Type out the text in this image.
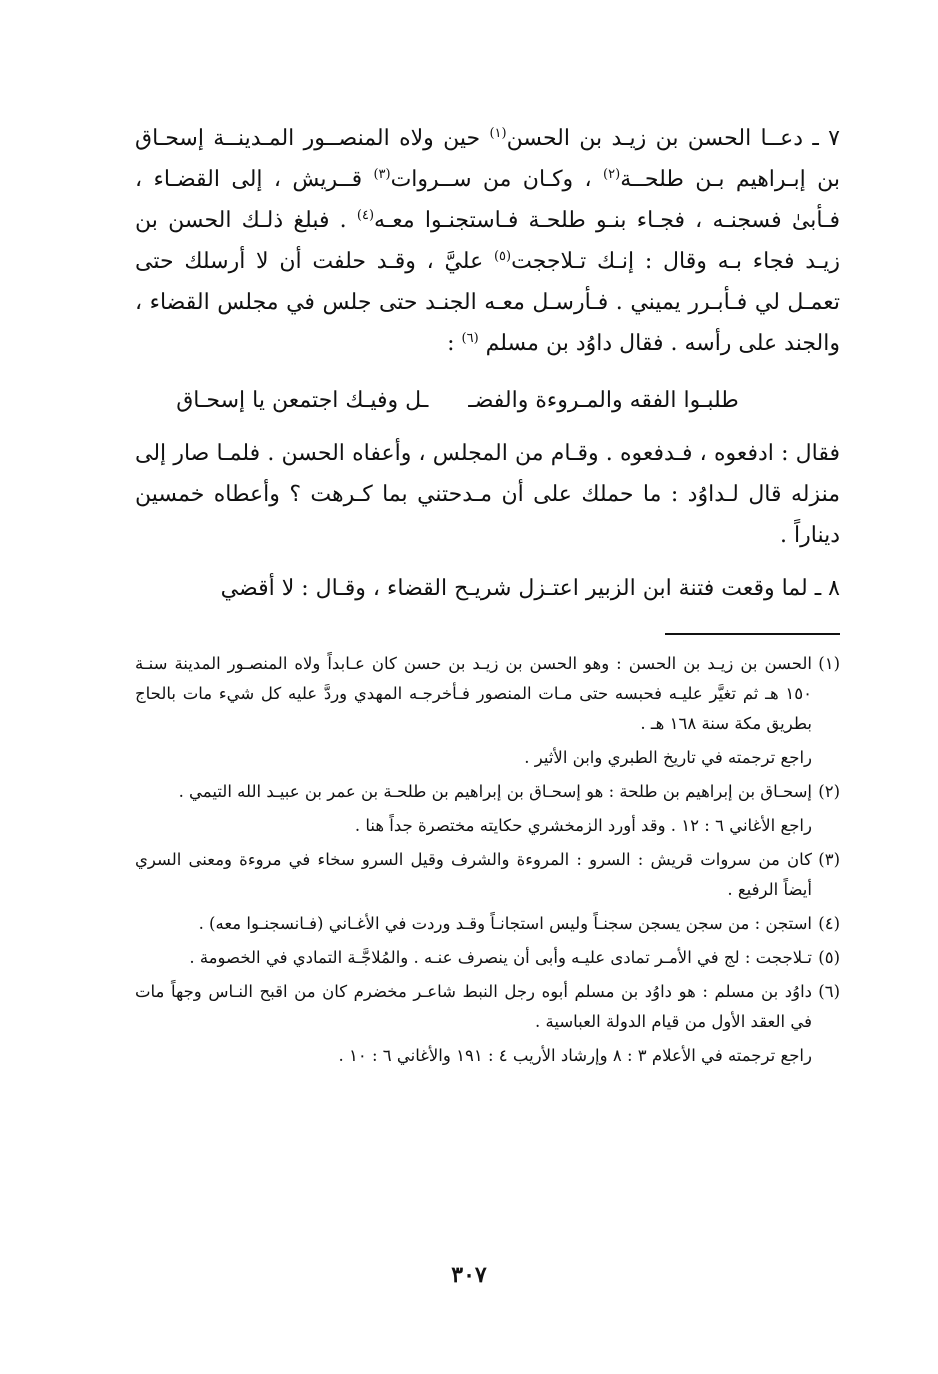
٧ ـ دعــا الحسن بن زيـد بن الحسن$^{(١)}$ حين ولاه المنصــور المـدينــة إسحـاق بن إبـراهيم بـن طلحــة$^{(٢)}$ ، وكـان من ســروات$^{(٣)}$ قــريش ، إلى القضـاء ، فـأبىٰ فسجنـه ، فجـاء بنـو طلحـة فـاستجنـوا معـه$^{(٤)}$ . فبلغ ذلـك الحسن بن زيـد فجاء بـه وقال : إنـك تـلاججت$^{(٥)}$ عليَّ ، وقـد حلفت أن لا أرسلك حتى تعمـل لي فـأبـرر يميني . فـأرسـل معـه الجنـد حتى جلس في مجلس القضاء ، والجند على رأسه . فقال داوُد بن مسلم $^{(٦)}$ :

طلبـوا الفقه والمـروءة والفضـ
ـل وفيـك اجتمعن يا إسحـاق

فقال : ادفعوه ، فـدفعوه . وقـام من المجلس ، وأعفاه الحسن . فلمـا صار إلى منزله قال لـداوُد : ما حملك على أن مـدحتني بما كـرهت ؟ وأعطاه خمسين ديناراً .

٨ ـ لما وقعت فتنة ابن الزبير اعتـزل شريـح القضاء ، وقـال : لا أقضي

(١)الحسن بن زيـد بن الحسن : وهو الحسن بن زيـد بن حسن كان عـابداً ولاه المنصـور المدينة سنـة ١٥٠ هـ ثم تغيَّر عليـه فحبسه حتى مـات المنصور فـأخرجـه المهدي وردَّ عليه كل شيء مات بالحاج بطريق مكة سنة ١٦٨ هـ .

راجع ترجمته في تاريخ الطبري وابن الأثير .

(٢)إسحـاق بن إبراهيم بن طلحة : هو إسحـاق بن إبراهيم بن طلحـة بن عمر بن عبيـد الله التيمي .

راجع الأغاني ٦ : ١٢ . وقد أورد الزمخشري حكايته مختصرة جداً هنا .

(٣)كان من سروات قريش : السرو : المروءة والشرف وقيل السرو سخاء في مروءة ومعنى السري أيضاً الرفيع .

(٤)استجن : من سجن يسجن سجنـاً وليس استجانـاً وقـد وردت في الأغـاني (فـانسجنـوا معه) .

(٥)تـلاججت : لج في الأمـر تمادى عليـه وأبى أن ينصرف عنـه . والمُلاجَّـة التمادي في الخصومة .

(٦)داوُد بن مسلم : هو داوُد بن مسلم أبوه رجل النبط شاعـر مخضرم كان من اقبح النـاس وجهاً مات في العقد الأول من قيام الدولة العباسية .

راجع ترجمته في الأعلام ٣ : ٨ وإرشاد الأريب ٤ : ١٩١ والأغاني ٦ : ١٠ .

٣٠٧
